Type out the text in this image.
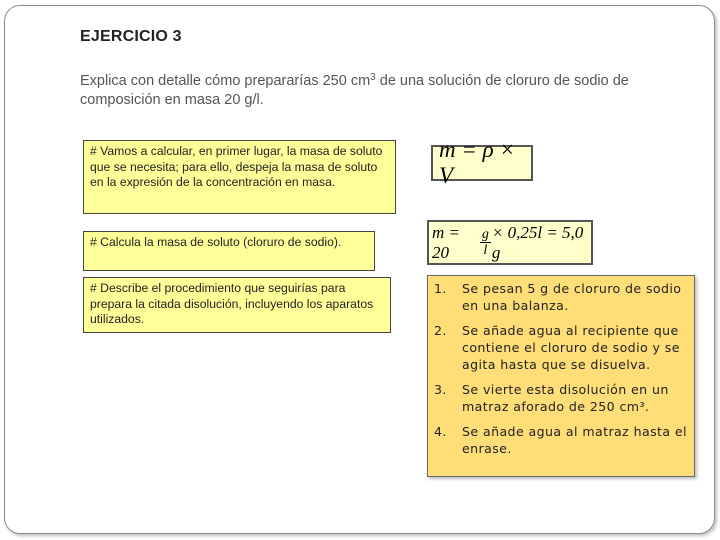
EJERCICIO 3
Explica con detalle cómo prepararías 250 $cm^3$ de una solución de cloruro de sodio de composición en masa 20 g/l.
# Vamos a calcular, en primer lugar, la masa de soluto que se necesita; para ello, despeja la masa de soluto en la expresión de la concentración en masa.
# Calcula la masa de soluto (cloruro de sodio).
# Describe el procedimiento que seguirías para prepara la citada disolución, incluyendo los aparatos utilizados.
m = ρ × V
m = 20	$\frac{g}{l} \times 0,25l = 5,0$ g
1.	Se pesan 5 g de cloruro de sodio en una balanza.
2.	Se añade agua al recipiente que contiene el cloruro de sodio y se agita hasta que se disuelva.
3.	Se vierte esta disolución en un matraz aforado de 250 cm³.
4.	Se añade agua al matraz hasta el enrase.
